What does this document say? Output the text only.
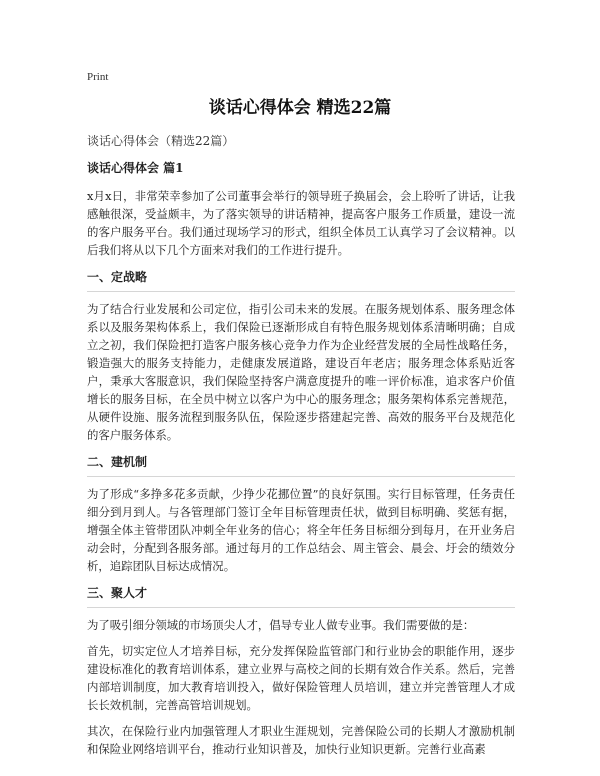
Print
谈话心得体会 精选22篇
谈话心得体会（精选22篇）
谈话心得体会 篇1

x月x日，非常荣幸参加了公司董事会举行的领导班子换届会，会上聆听了讲话，让我感触很深，受益颇丰，为了落实领导的讲话精神，提高客户服务工作质量，建设一流的客户服务平台。我们通过现场学习的形式，组织全体员工认真学习了会议精神。以后我们将从以下几个方面来对我们的工作进行提升。

一、定战略

为了结合行业发展和公司定位，指引公司未来的发展。在服务规划体系、服务理念体系以及服务架构体系上，我们保险已逐渐形成自有特色服务规划体系清晰明确；自成立之初，我们保险把打造客户服务核心竞争力作为企业经营发展的全局性战略任务，锻造强大的服务支持能力，走健康发展道路，建设百年老店；服务理念体系贴近客户，秉承大客服意识，我们保险坚持客户满意度提升的唯一评价标准，追求客户价值增长的服务目标，在全员中树立以客户为中心的服务理念；服务架构体系完善规范，从硬件设施、服务流程到服务队伍，保险逐步搭建起完善、高效的服务平台及规范化的客户服务体系。

二、建机制

为了形成“多挣多花多贡献，少挣少花挪位置”的良好氛围。实行目标管理，任务责任细分到月到人。与各管理部门签订全年目标管理责任状，做到目标明确、奖惩有据，增强全体主管带团队冲刺全年业务的信心；将全年任务目标细分到每月，在开业务启动会时，分配到各服务部。通过每月的工作总结会、周主管会、晨会、圩会的绩效分析，追踪团队目标达成情况。

三、聚人才

为了吸引细分领域的市场顶尖人才，倡导专业人做专业事。我们需要做的是：

首先，切实定位人才培养目标，充分发挥保险监管部门和行业协会的职能作用，逐步建设标准化的教育培训体系，建立业界与高校之间的长期有效合作关系。然后，完善内部培训制度，加大教育培训投入，做好保险管理人员培训，建立并完善管理人才成长长效机制，完善高管培训规划。

其次，在保险行业内加强管理人才职业生涯规划，完善保险公司的长期人才激励机制和保险业网络培训平台，推动行业知识普及，加快行业知识更新。完善行业高素
